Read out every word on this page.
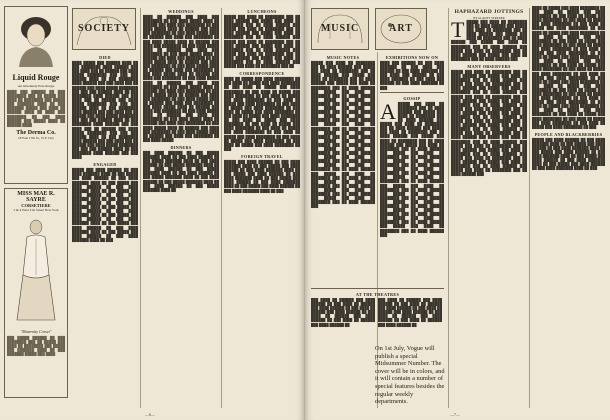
Liquid Rouge
An Absolutely Pure Rouge
████ ███ ██████ ██ ███ ████████ ███ ██ █████ ███ ████ ██ ████████ ███ █████ ███ ███████ ████ ██ ███ ███████ █████ ███ ████ ██ ██████ ████ ██ ████ ███ ████████ ██ ███ ████ ██████ ███ █████ ████ ██ ██████ ████
The Derma Co.
18 East 17th St., N.Y. City
MISS MAE R. SAYRE
CORSETIERE
5 & 4 West 31st Street New York
"Maternity Corset"
███ █████ ██████ ██ ███ ████████ ███ ██ █████ ███ ████ ██ ████████ ███ █████ ███ ███████ ████ ██ ███ ███████ █████ ███ ████
SOCIETY
DIED
████ █████ ███ ██████ ████ ██ ███ ████████ ████ ██████ ███ ███ ████ ███ ██ ██████ ███ ████ █████ ████████ ███ ███ ███ ██████ ████ ██ ███ ████████ ████ ██████ ███ ███ ████ ███ ██ ██████ ███ ████ █████ ████████ ███ ███ ███ ██████ ████ ██ ███ ████████ ████ ██████ ███ ███ ████ ███ ██ ██████ ███ ████ █████ ████████ ███ ███ ███ ██████ ████ ██ ███ ████████ ████ ██████ ███ ███ ████ ███ ██ ██████ ███ ████ █████ ████████ ███ ███ ███ ██████ ████ ██ ███ ████████ ████ ██████ ███ ███ ████ ███ ██ ██████ ███ ████ █████ ████████ ███ ███ ███ ██████ ████ ██ ███ ████████ ████ ██████ ███ ███ ████ ███ ██ ██████ ███ ████ █████ ████████ ███ ███ ███ ██████ ████ ██ ███ ████████ ████ ██████ ███ ███ ████
ENGAGED
█████ ███ ████ ██████ ██ ███ ████ ███████ ████ ██ ███ █████ ███ ████ ██████ ██ ███ ████ ███████ ████ ██ ███ █████ ███ ████ ██████ ██ ███ ████ ███████ ████ ██ ███ █████ ███ ████ ██████ ██ ███ ████ ███████ ████ ██ ███ █████ ███ ████ ██████ ██ ███ ████ ███████ ████ ██ ███ █████ ███ ████ ██████ ██ ███ ████ ███████ ████ ██ ███ █████ ███ ████ ██████ ██ ███ ████ ███████ ████ ██ ███ █████ ███ ████ ██████ ██ ███ ████ ███████ ████ ██ ███ █████ ███ ████ ██████ ██ ███ ████ ███████ ████ ██ ███
WEDDINGS
████ ██ ██████ ███ ████ ███ ████████ ██ ███ ████ █████ ████ ██ ██████ ███ ████ ███ ████████ ██ ███ ████ █████ ████ ██ ██████ ███ ████ ███ ████████ ██ ███ ████ █████ ████ ██ ██████ ███ ████ ███ ████████ ██ ███ ████ █████ ████ ██ ██████ ███ ████ ███ ████████ ██ ███ ████ █████ ████ ██ ██████ ███ ████ ███ ████████ ██ ███ ████ █████ ████ ██ ██████ ███ ████ ███ ████████ ██ ███ ████ █████ ████ ██ ██████ ███ ████ ███ ████████ ██ ███ ████ █████ ████ ██ ██████ ███ ████ ███ ████████ ██ ███ ████ █████ ████ ██ ██████ ███ ████ ███ ████████ ██ ███ ████ █████ ████ ██ ██████ ███ ████ ███ ████████ ██ ███ ████ █████ ████ ██ ██████ ███ ████ ███ ████████ ██ ███ ████ █████ ████ ██ ██████ ███ ████ ███ ████████ ██ ███ ████ █████ ████ ██ ██████ ███ ████ ███ ████████ ██ ███ ████ █████ ████ ██ ██████ ███ ████ ███ ████████ ██ ███ ████ █████ ████ ██ ██████ ███ ████ ███ ████████ ██ ███ ████ █████ ████ ██ ██████ ███ ████ ███ ████████ ██ ███ ████ █████ ████ ██ ██████ ███ ████ ███ ████████ ██ ███ ████ █████ ████ ██ ██████ ███ ████ ███ ████████ ██ ███ ████ █████
DINNERS
███ ████ ██████ ██ ███ █████ ███████ ████ ██ ███ ████ ██████ ██ ███ █████ ███████ ████ ██ ███ ████ ██████ ██ ███ █████ ███████ ████ ██ ███ ████ ██████ ██ ███ █████ ███████ ████ ██ ███ ████ ██████ ██ ███ █████ ███████ ████ ██ ███ ████ ██████ ██ ███ █████ ███████ ████ ██ ███ ████ ██████ ██ ███ █████ ███████ ████ ██
LUNCHEONS
█████ ███ ████ ██ ████████ ███ ██ ████ ██████ ███ █████ ███ ████ ██ ████████ ███ ██ ████ ██████ ███ █████ ███ ████ ██ ████████ ███ ██ ████ ██████ ███ █████ ███ ████ ██ ████████ ███ ██ ████ ██████ ███ █████ ███ ████ ██ ████████ ███ ██ ████ ██████ ███ █████ ███ ████ ██ ████████ ███ ██ ████ ██████ ███ █████ ███ ████ ██ ████████ ███ ██ ████ ██████ ███ █████ ███ ████ ██ ████████ ███ ██ ████ ██████ ███ █████ ███ ████ ██ ████████ ███ ██
CORRESPONDENCE
████ ██ █████ ███ ████ ████████ ██ ███ ████ ██ █████ ███ ████ ████████ ██ ███ ████ ██ █████ ███ ████ ████████ ██ ███ ████ ██ █████ ███ ████ ████████ ██ ███ ████ ██ █████ ███ ████ ████████ ██ ███ ████ ██ █████ ███ ████ ████████ ██ ███ ████ ██ █████ ███ ████ ████████ ██ ███ ████ ██ █████ ███ ████ ████████ ██ ███ ████ ██ █████ ███ ████ ████████ ██ ███ ████ ██ █████ ███ ████ ████████ ██ ███ ████ ██ █████ ███ ████ ████████ ██ ███ ████ ██ █████ ███ ████ ████████ ██ ███ ████ ██ █████ ███ ████ ████████ ██ ███ ████ ██ █████ ███ ████ ████████ ██ ███ ████ ██ █████ ███ ████ ████████ ██ ███
FOREIGN TRAVEL
█████ ███ ████ ██████ ██ ███ ████ ███████ ████ ██ ███ █████ ███ ████ ██████ ██ ███ ████ ███████ ████ ██ ███ █████ ███ ████ ██████ ██ ███ ████ ███████ ████ ██ ███ █████ ███ ████ ██████ ██ ███ ████ ███████ ████ ██ ███ █████ ███ ████ ██████ ██ ███ ████ ███████ ████ ██ ███
—6—
MUSIC	ART
MUSIC NOTES
█████ ███ ████ ██ ████████ ███ ██ ████ ██████ ███ █████ ███ ████ ██ ████████ ███ ██ ████ ██████ ███ █████ ███ ████ ██ ████████ ███ ██ ████ ██████ ███ █████ ███ ████ ██ ████████ ███ ██ ████ ██████ ███ █████ ███ ████ ██ ████████ ███ ██ ████ ██████ ███ █████ ███ ████ ██ ████████ ███ ██ ████ ██████ ███ █████ ███ ████ ██ ████████ ███ ██ ████ ██████ ███ █████ ███ ████ ██ ████████ ███ ██ ████ ██████ ███ █████ ███ ████ ██ ████████ ███ ██ ████ ██████ ███ █████ ███ ████ ██ ████████ ███ ██ ████ ██████ ███ █████ ███ ████ ██ ████████ ███ ██ ████ ██████ ███ █████ ███ ████ ██ ████████ ███ ██ ████ ██████ ███ █████ ███ ████ ██ ████████ ███ ██ ████ ██████ ███ █████ ███ ████ ██ ████████ ███ ██ ████ ██████ ███ █████ ███ ████ ██ ████████ ███ ██ ████ ██████ ███ █████ ███ ████ ██ ████████ ███ ██ ████ ██████ ███ █████ ███ ████ ██ ████████ ███ ██ ████ ██████ ███ █████ ███ ████ ██ ████████ ███ ██ ████ ██████ ███
EXHIBITIONS NOW ON
████ ███ ██████ ██ ███ ████ ███████ ██ ███ ████ ███ ██████ ██ ███ ████ ███████ ██ ███ ████ ███ ██████ ██ ███ ████ ███████ ██ ███ ████ ███ ██████ ██ ███ ████ ███████ ██ ███
GOSSIP
A █████ ███ ████ ██ ████████ ███ ██ ████ ██████ ███ █████ ███ ████ ██ ████████ ███ ██ ████ ██████ ███ █████ ███ ████ ██ ████████ ███ ██ ████ ██████ ███ █████ ███ ████ ██ ████████ ███ ██ ████ ██████ ███ █████ ███ ████ ██ ████████ ███ ██ ████ ██████ ███ █████ ███ ████ ██ ████████ ███ ██ ████ ██████ ███ █████ ███ ████ ██ ████████ ███ ██ ████ ██████ ███ █████ ███ ████ ██ ████████ ███ ██ ████ ██████ ███ █████ ███ ████ ██ ████████ ███ ██ ████ ██████ ███ █████ ███ ████ ██ ████████ ███ ██ ████ ██████ ███ █████ ███ ████ ██ ████████ ███ ██ ████ ██████ ███ █████ ███ ████ ██ ████████ ███ ██ ████ ██████ ███ █████ ███ ████ ██ ████████ ███ ██ ████ ██████ ███ █████ ███ ████ ██ ████████ ███ ██ ████ ██████ ███ █████ ███ ████ ██ ████████ ███ ██ ████ ██████ ███ █████ ███ ████ ██ ████████ ███ ██ ████ ██████ ███
AT THE THEATRES
███ ████ ██ ██████ ███ ████ ██████ ██ ███ ████ ██ ██████ ███ ████ ██████ ██ ███ ████ ██ ██████ ███ ████ ██████ ██ ███ ████ ██ ██████ ███ ████ ██████ ██ ███ ████ ██ ██████ ███ ████ ██████ ██
███ ████ ██ ██████ ███ ████ ██████ ██ ███ ████ ██ ██████ ███ ████ ██████ ██ ███ ████ ██ ██████ ███ ████ ██████ ██ ███ ████ ██ ██████ ███ ████ ██████ ██ ███ ████ ██ ██████ ███ ████ ██████ ██
On 1st July, Vogue will publish a special Midsummer Number. The cover will be in colors, and it will contain a number of special features besides the regular weekly departments.
HAPHAZARD JOTTINGS
BY GLADYS STRYKER
T █████ ███ ████ ██ ████████ ███ ██ ████ ██████ ███ █████ ███ ████ ██ ████████ ███ ██ ████ ██████ ███ █████ ███ ████ ██ ████████ ███ ██ ████ ██████ ███ █████ ███ ████ ██ ████████ ███ ██ ████ ██████ ███ █████ ███ ████ ██ ████████ ███ ██ ████ ██████ ███ █████ ███ ████ ██ ████████ ███ ██ ████ ██████ ███
MANY OBSERVERS
█████ ███ ████ ██ ████████ ███ ██ ████ ██████ ███ █████ ███ ████ ██ ████████ ███ ██ ████ ██████ ███ █████ ███ ████ ██ ████████ ███ ██ ████ ██████ ███ █████ ███ ████ ██ ████████ ███ ██ ████ ██████ ███ █████ ███ ████ ██ ████████ ███ ██ ████ ██████ ███ █████ ███ ████ ██ ████████ ███ ██ ████ ██████ ███ █████ ███ ████ ██ ████████ ███ ██ ████ ██████ ███ █████ ███ ████ ██ ████████ ███ ██ ████ ██████ ███ █████ ███ ████ ██ ████████ ███ ██ ████ ██████ ███ █████ ███ ████ ██ ████████ ███ ██ ████ ██████ ███ █████ ███ ████ ██ ████████ ███ ██ ████ ██████ ███ █████ ███ ████ ██ ████████ ███ ██ ████ ██████ ███ █████ ███ ████ ██ ████████ ███ ██ ████ ██████ ███ █████ ███ ████ ██ ████████ ███ ██ ████ ██████ ███ █████ ███ ████ ██ ████████ ███ ██ ████ ██████ ███ █████ ███ ████ ██ ████████ ███ ██ ████ ██████ ███ █████ ███ ████ ██ ████████ ███ ██ ████ ██████ ███
████ ██ █████ ███ ████ ████████ ██ ███ ████ ██ █████ ███ ████ ████████ ██ ███ ████ ██ █████ ███ ████ ████████ ██ ███ ████ ██ █████ ███ ████ ████████ ██ ███ ████ ██ █████ ███ ████ ████████ ██ ███ ████ ██ █████ ███ ████ ████████ ██ ███ ████ ██ █████ ███ ████ ████████ ██ ███ ████ ██ █████ ███ ████ ████████ ██ ███ ████ ██ █████ ███ ████ ████████ ██ ███ ████ ██ █████ ███ ████ ████████ ██ ███ ████ ██ █████ ███ ████ ████████ ██ ███ ████ ██ █████ ███ ████ ████████ ██ ███ ████ ██ █████ ███ ████ ████████ ██ ███ ████ ██ █████ ███ ████ ████████ ██ ███ ████ ██ █████ ███ ████ ████████ ██ ███ ████ ██ █████ ███ ████ ████████ ██ ███ ████ ██ █████ ███ ████ ████████ ██ ███ ████ ██ █████ ███ ████ ████████ ██ ███ ████ ██ █████ ███ ████ ████████ ██ ███ ████ ██ █████ ███ ████ ████████ ██ ███ ████ ██ █████ ███ ████ ████████ ██ ███ ████ ██ █████ ███ ████ ████████ ██ ███ ████ ██ █████ ███ ████ ████████ ██ ███ ████ ██ █████ ███ ████ ████████ ██ ███ ████ ██ █████ ███ ████ ████████ ██ ███
PEOPLE AND BLACKBERRIES
█████ ███ ████ ██████ ██ ███ ████ ███████ ████ ██ ███ █████ ███ ████ ██████ ██ ███ ████ ███████ ████ ██ ███ █████ ███ ████ ██████ ██ ███ ████ ███████ ████ ██ ███ █████ ███ ████ ██████ ██ ███ ████ ███████ ████ ██ ███ █████ ███ ████ ██████ ██ ███ ████ ███████ ████ ██ ███
—7—
